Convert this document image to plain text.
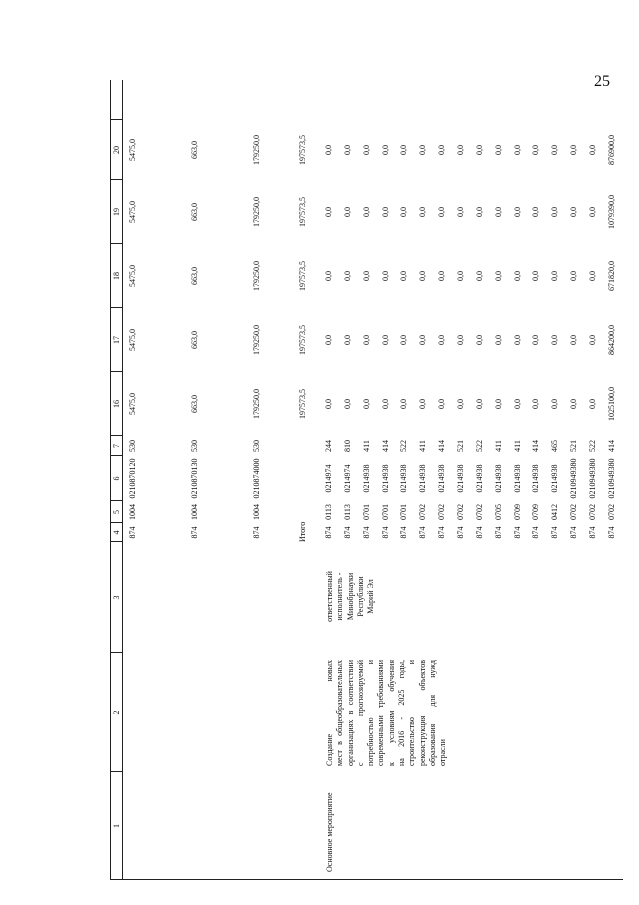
25
1
2
3
4
5
6
7
16
17
18
19
20
Основное мероприятие
Создание новых мест в общеобразовательных организациях в соответствии с прогнозируемой потребностью и современными требованиями к условиям обучения на 2016 - 2025 годы, строительство и реконструкция объектов образования для нужд отрасли
ответственный исполнитель - Минобрнауки Республики Марий Эл
Итого
197573,5
197573,5
197573,5
197573,5
197573,5
874
1004
0210870120
530
5475,0
5475,0
5475,0
5475,0
5475,0
874
1004
0210870130
530
663,0
663,0
663,0
663,0
663,0
874
1004
0210874000
530
179250,0
179250,0
179250,0
179250,0
179250,0
874
0113
0214974
244
0,0
0,0
0,0
0,0
0,0
874
0113
0214974
810
0,0
0,0
0,0
0,0
0,0
874
0701
0214938
411
0,0
0,0
0,0
0,0
0,0
874
0701
0214938
414
0,0
0,0
0,0
0,0
0,0
874
0701
0214938
522
0,0
0,0
0,0
0,0
0,0
874
0702
0214938
411
0,0
0,0
0,0
0,0
0,0
874
0702
0214938
414
0,0
0,0
0,0
0,0
0,0
874
0702
0214938
521
0,0
0,0
0,0
0,0
0,0
874
0702
0214938
522
0,0
0,0
0,0
0,0
0,0
874
0705
0214938
411
0,0
0,0
0,0
0,0
0,0
874
0709
0214938
411
0,0
0,0
0,0
0,0
0,0
874
0709
0214938
414
0,0
0,0
0,0
0,0
0,0
874
0412
0214938
465
0,0
0,0
0,0
0,0
0,0
874
0702
0210949380
521
0,0
0,0
0,0
0,0
0,0
874
0702
0210949380
522
0,0
0,0
0,0
0,0
0,0
874
0702
0210949380
414
1025100,0
864200,0
671820,0
1079390,0
876900,0
